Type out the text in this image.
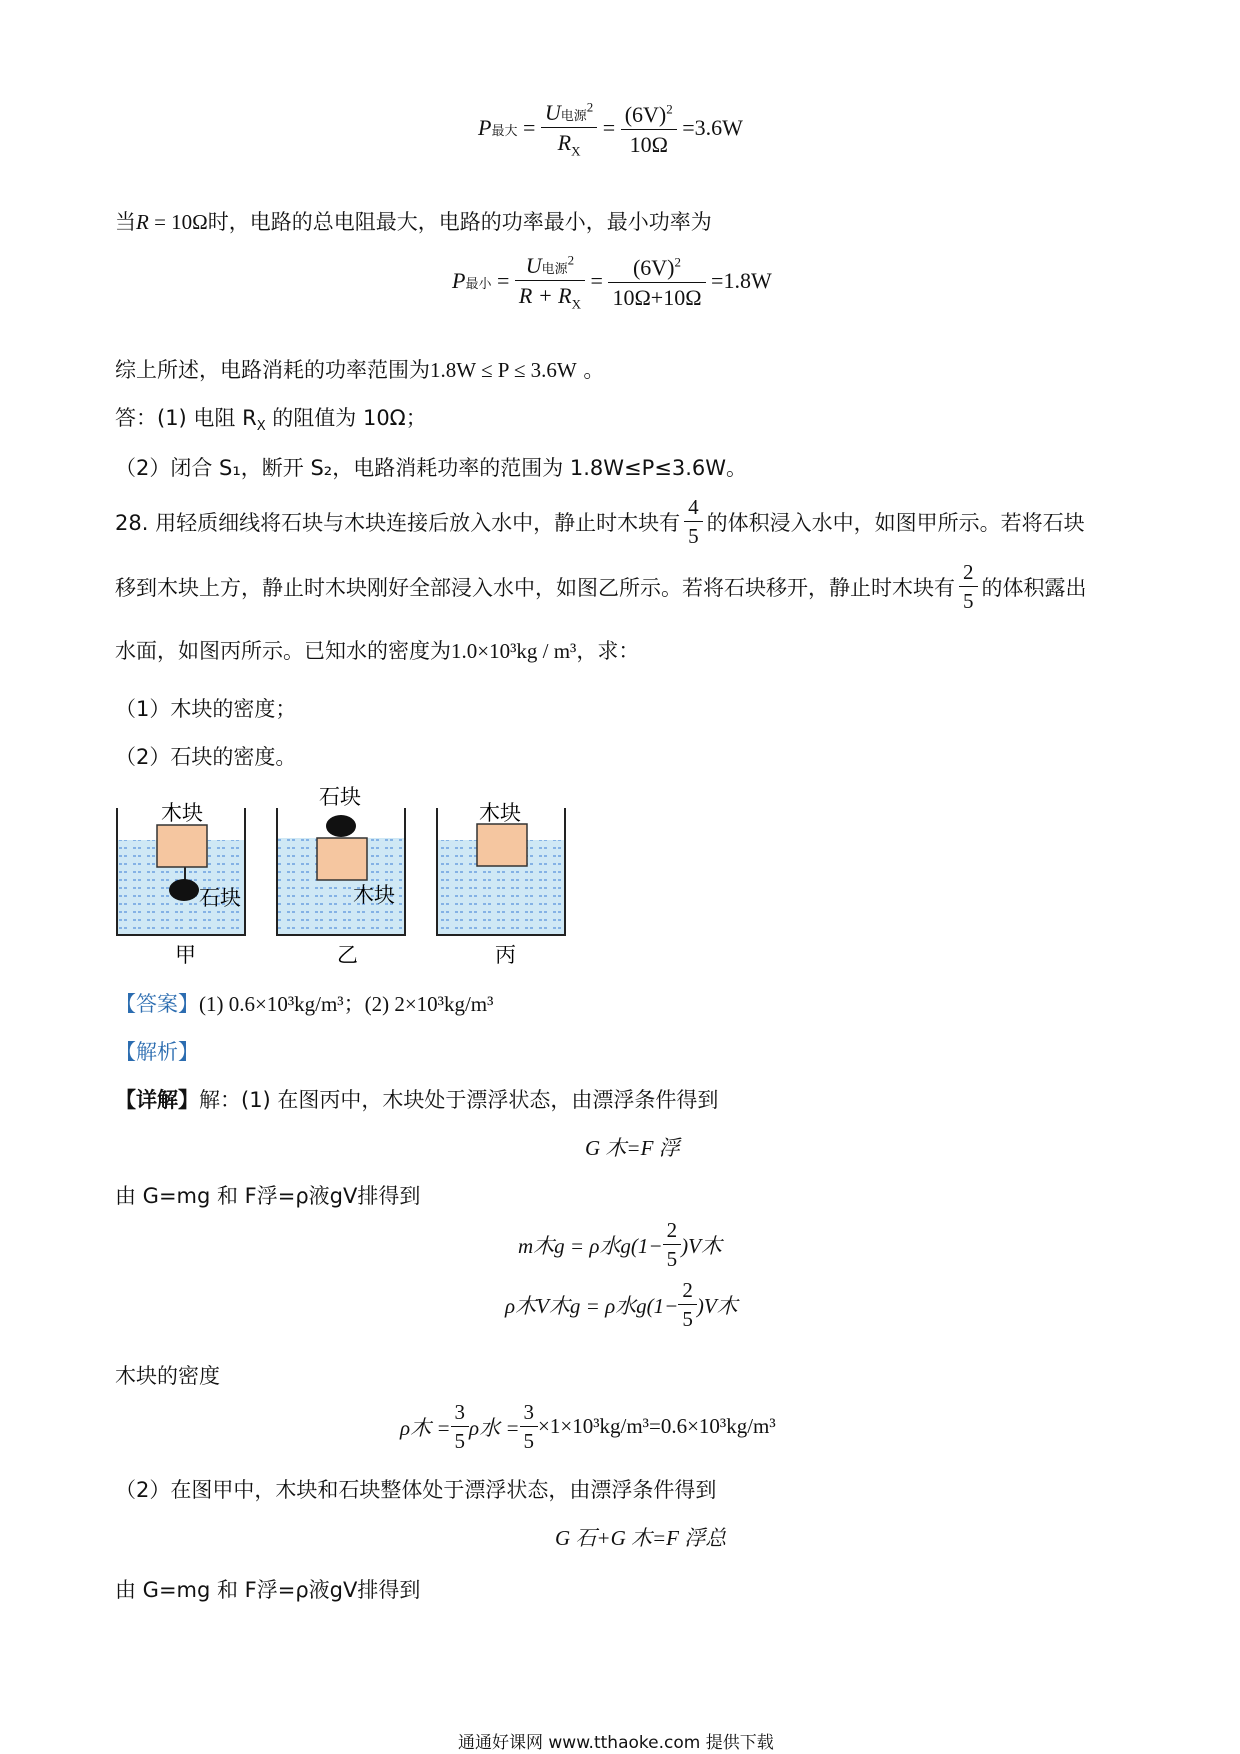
P最大 = $\frac{U电源^2}{R_X} = \frac{(6V)^2}{10\Omega} =3.6W$
当R = 10Ω时，电路的总电阻最大，电路的功率最小，最小功率为
P最小 = $\frac{U电源^2}{R + R_X} = \frac{(6V)^2}{10\Omega+10\Omega} =1.8W$
综上所述，电路消耗的功率范围为1.8W ≤ P ≤ 3.6W 。
答：(1) 电阻 $R_X$ 的阻值为 10Ω；
（2）闭合 S₁，断开 S₂，电路消耗功率的范围为 1.8W≤P≤3.6W。
28. 用轻质细线将石块与木块连接后放入水中，静止时木块有 $\frac{4}{5}$ 的体积浸入水中，如图甲所示。若将石块
移到木块上方，静止时木块刚好全部浸入水中，如图乙所示。若将石块移开，静止时木块有 $\frac{2}{5}$ 的体积露出
水面，如图丙所示。已知水的密度为1.0×10³kg / m³，求：
（1）木块的密度；
（2）石块的密度。
木块
石块
甲
石块
木块
乙
木块
丙
【答案】(1) 0.6×10³kg/m³；(2) 2×10³kg/m³
【解析】
【详解】解：(1) 在图丙中，木块处于漂浮状态，由漂浮条件得到
G 木=F 浮
由 G=mg 和 F浮=ρ液gV排得到
m木g = ρ水$g(1- \frac{2}{5} )V$木
ρ木V木g = ρ水$g(1- \frac{2}{5} )V$木
木块的密度
ρ木 = $\frac{3}{5}$ ρ水 = $\frac{3}{5} \times 1\times 10^3kg/m^3=0.6\times 10^3kg/m^3$
（2）在图甲中，木块和石块整体处于漂浮状态，由漂浮条件得到
G 石+G 木=F 浮总
由 G=mg 和 F浮=ρ液gV排得到
通通好课网 www.tthaoke.com 提供下载
